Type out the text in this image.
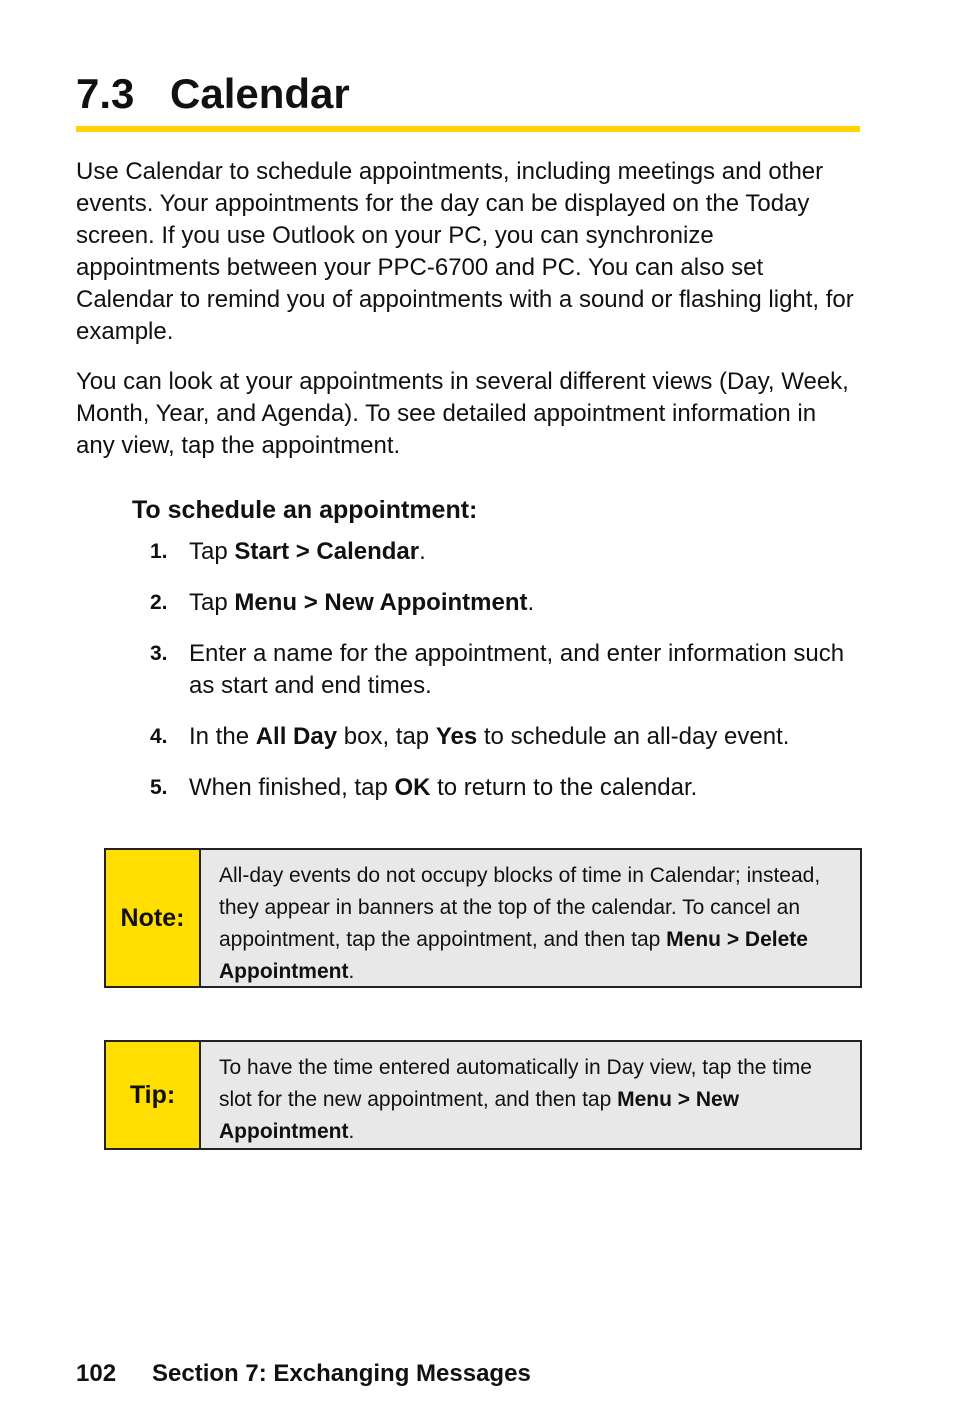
7.3 Calendar

Use Calendar to schedule appointments, including meetings and other events. Your appointments for the day can be displayed on the Today screen. If you use Outlook on your PC, you can synchronize appointments between your PPC-6700 and PC. You can also set Calendar to remind you of appointments with a sound or flashing light, for example.

You can look at your appointments in several different views (Day, Week, Month, Year, and Agenda). To see detailed appointment information in any view, tap the appointment.

To schedule an appointment:
1. Tap Start > Calendar.
2. Tap Menu > New Appointment.
3. Enter a name for the appointment, and enter information such as start and end times.
4. In the All Day box, tap Yes to schedule an all-day event.
5. When finished, tap OK to return to the calendar.
Note:
All-day events do not occupy blocks of time in Calendar; instead, they appear in banners at the top of the calendar. To cancel an appointment, tap the appointment, and then tap Menu > Delete Appointment.
Tip:
To have the time entered automatically in Day view, tap the time slot for the new appointment, and then tap Menu > New Appointment.
102 Section 7: Exchanging Messages
